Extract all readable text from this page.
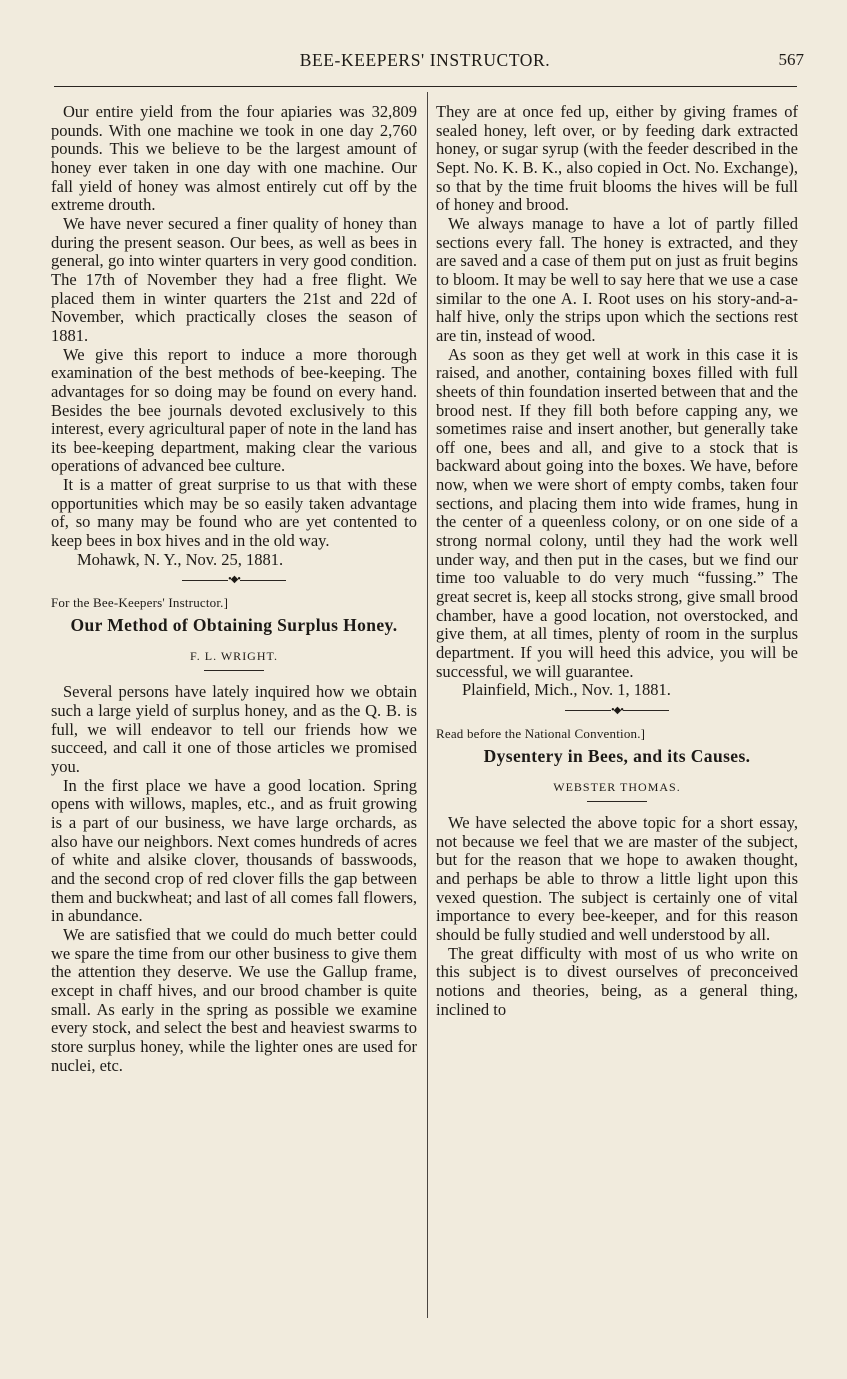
BEE-KEEPERS' INSTRUCTOR.	567

Our entire yield from the four apiaries was 32,809 pounds. With one machine we took in one day 2,760 pounds. This we believe to be the largest amount of honey ever taken in one day with one machine. Our fall yield of honey was almost entirely cut off by the extreme drouth.

We have never secured a finer quality of honey than during the present season. Our bees, as well as bees in general, go into winter quarters in very good condition. The 17th of November they had a free flight. We placed them in winter quarters the 21st and 22d of November, which practically closes the season of 1881.

We give this report to induce a more thorough examination of the best methods of bee-keeping. The advantages for so doing may be found on every hand. Besides the bee journals devoted exclusively to this interest, every agricultural paper of note in the land has its bee-keeping department, making clear the various operations of advanced bee culture.

It is a matter of great surprise to us that with these opportunities which may be so easily taken advantage of, so many may be found who are yet contented to keep bees in box hives and in the old way.

Mohawk, N. Y., Nov. 25, 1881.

•◆•
For the Bee-Keepers' Instructor.]
Our Method of Obtaining Surplus Honey.
F. L. WRIGHT.

Several persons have lately inquired how we obtain such a large yield of surplus honey, and as the Q. B. is full, we will endeavor to tell our friends how we succeed, and call it one of those articles we promised you.

In the first place we have a good location. Spring opens with willows, maples, etc., and as fruit growing is a part of our business, we have large orchards, as also have our neighbors. Next comes hundreds of acres of white and alsike clover, thousands of basswoods, and the second crop of red clover fills the gap between them and buckwheat; and last of all comes fall flowers, in abundance.

We are satisfied that we could do much better could we spare the time from our other business to give them the attention they deserve. We use the Gallup frame, except in chaff hives, and our brood chamber is quite small. As early in the spring as possible we examine every stock, and select the best and heaviest swarms to store surplus honey, while the lighter ones are used for nuclei, etc.

They are at once fed up, either by giving frames of sealed honey, left over, or by feeding dark extracted honey, or sugar syrup (with the feeder described in the Sept. No. K. B. K., also copied in Oct. No. Exchange), so that by the time fruit blooms the hives will be full of honey and brood.

We always manage to have a lot of partly filled sections every fall. The honey is extracted, and they are saved and a case of them put on just as fruit begins to bloom. It may be well to say here that we use a case similar to the one A. I. Root uses on his story-and-a-half hive, only the strips upon which the sections rest are tin, instead of wood.

As soon as they get well at work in this case it is raised, and another, containing boxes filled with full sheets of thin foundation inserted between that and the brood nest. If they fill both before capping any, we sometimes raise and insert another, but generally take off one, bees and all, and give to a stock that is backward about going into the boxes. We have, before now, when we were short of empty combs, taken four sections, and placing them into wide frames, hung in the center of a queenless colony, or on one side of a strong normal colony, until they had the work well under way, and then put in the cases, but we find our time too valuable to do very much “fussing.” The great secret is, keep all stocks strong, give small brood chamber, have a good location, not overstocked, and give them, at all times, plenty of room in the surplus department. If you will heed this advice, you will be successful, we will guarantee.

Plainfield, Mich., Nov. 1, 1881.

•◆•
Read before the National Convention.]
Dysentery in Bees, and its Causes.
WEBSTER THOMAS.

We have selected the above topic for a short essay, not because we feel that we are master of the subject, but for the reason that we hope to awaken thought, and perhaps be able to throw a little light upon this vexed question. The subject is certainly one of vital importance to every bee-keeper, and for this reason should be fully studied and well understood by all.

The great difficulty with most of us who write on this subject is to divest ourselves of preconceived notions and theories, being, as a general thing, inclined to
